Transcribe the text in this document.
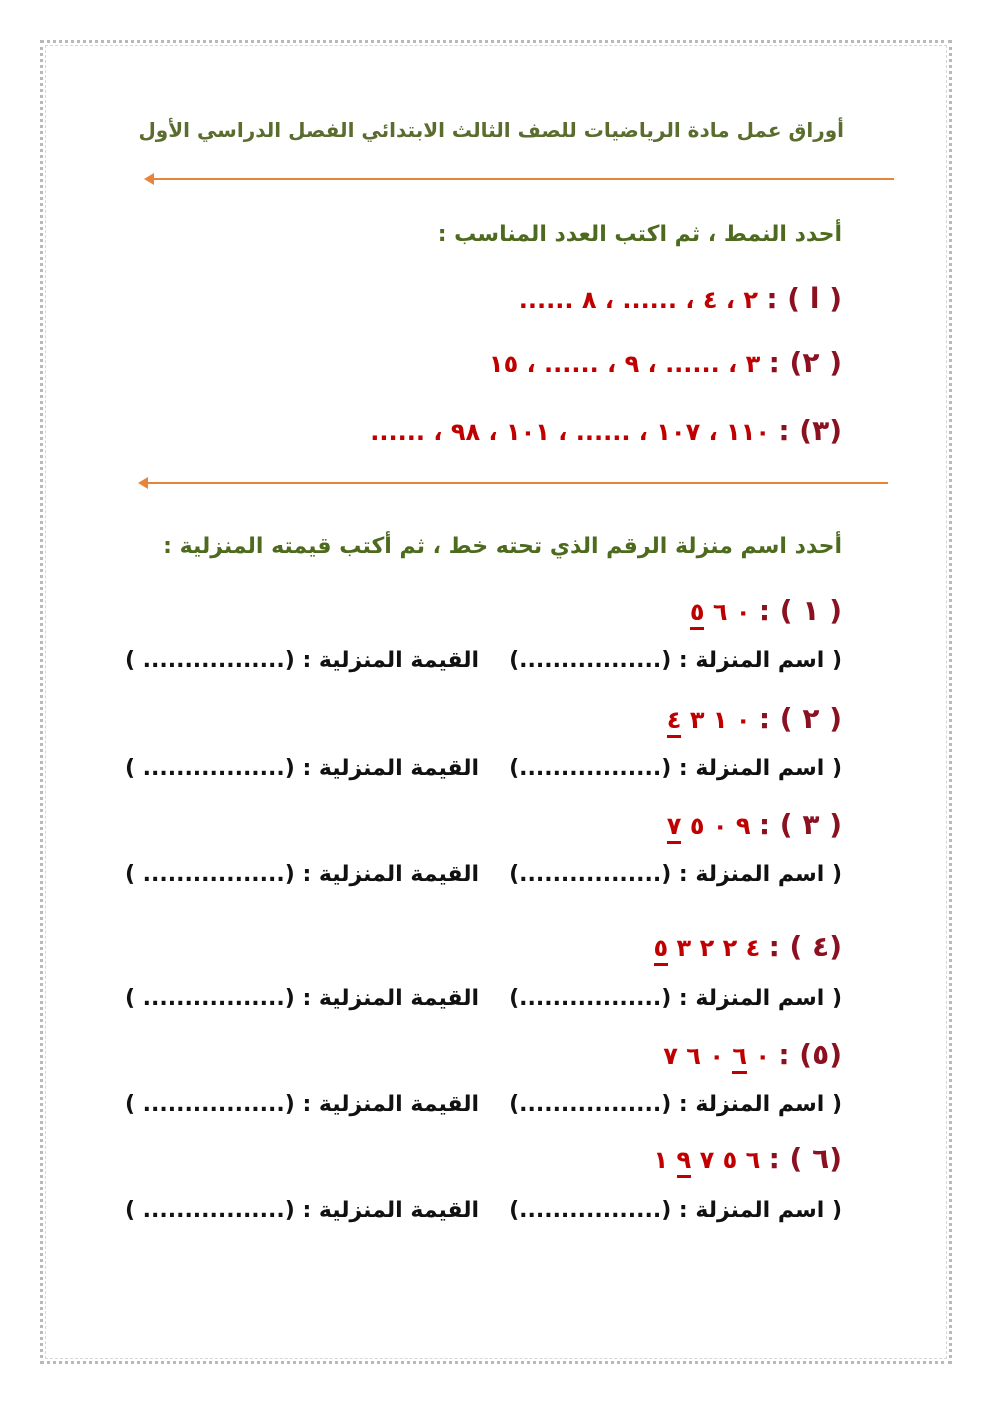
أوراق عمل مادة الرياضيات للصف الثالث الابتدائي الفصل الدراسي الأول
أحدد النمط ، ثم اكتب العدد المناسب :
( ا ) : ٢ ، ٤ ، ...... ، ٨ ......
( ٢) : ٣ ، ...... ، ٩ ، ...... ، ١٥
(٣) : ١١٠ ، ١٠٧ ، ...... ، ١٠١ ، ٩٨ ، ......
أحدد اسم منزلة الرقم الذي تحته خط ، ثم أكتب قيمته المنزلية :
( ١ ) : ٠ ٦ ٥
( اسم المنزلة : (.................)القيمة المنزلية : (................. )
( ٢ ) : ٠ ١ ٣ ٤
( اسم المنزلة : (.................)القيمة المنزلية : (................. )
( ٣ ) : ٩ ٠ ٥ ٧
( اسم المنزلة : (.................)القيمة المنزلية : (................. )
(٤ ) : ٤ ٢ ٢ ٣ ٥
( اسم المنزلة : (.................)القيمة المنزلية : (................. )
(٥) : ٠ ٦ ٠ ٦ ٧
( اسم المنزلة : (.................)القيمة المنزلية : (................. )
(٦ ) : ٦ ٥ ٧ ٩ ١
( اسم المنزلة : (.................)القيمة المنزلية : (................. )
